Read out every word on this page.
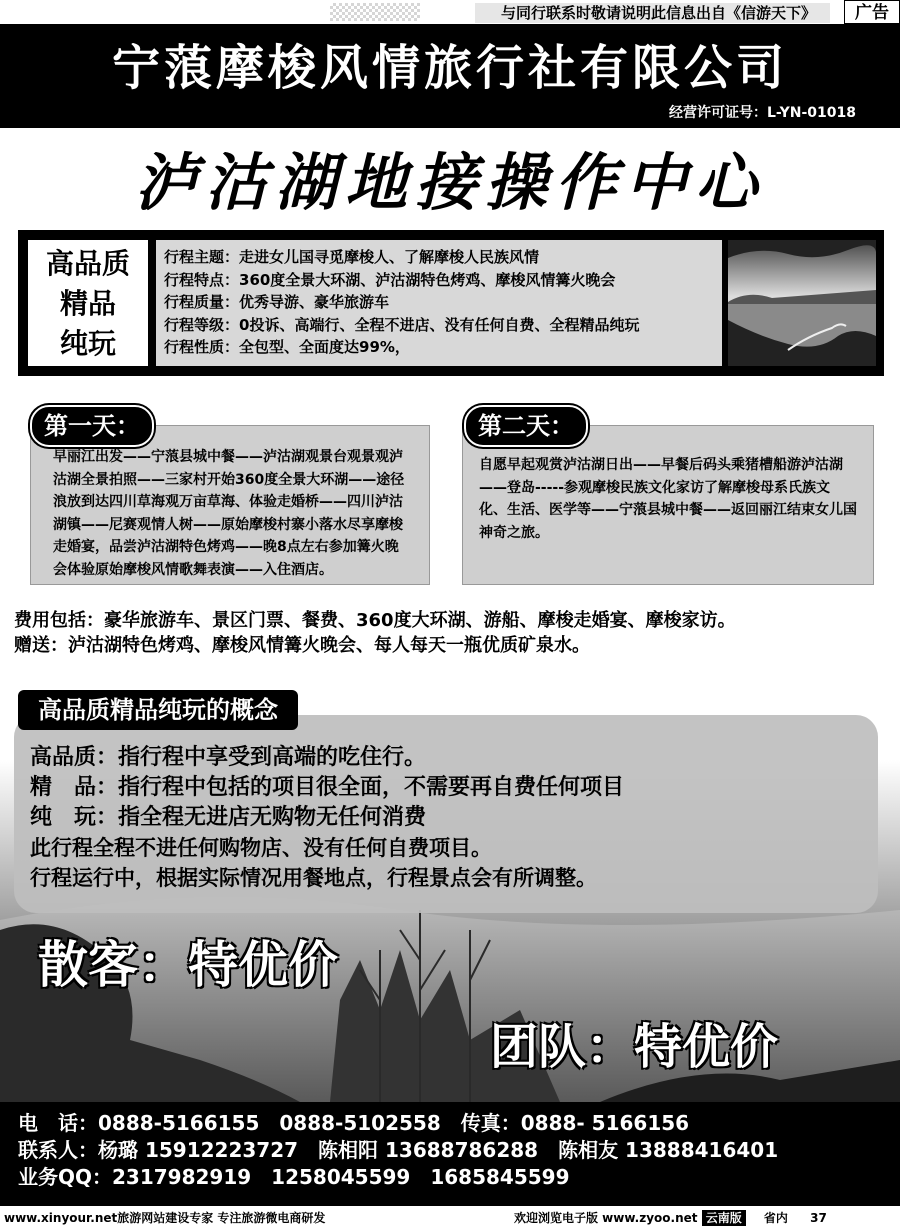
与同行联系时敬请说明此信息出自《信游天下》	广告
宁蒗摩梭风情旅行社有限公司
经营许可证号：L-YN-01018
泸沽湖地接操作中心
高品质
精品
纯玩
行程主题：走进女儿国寻觅摩梭人、了解摩梭人民族风情
行程特点：360度全景大环湖、泸沽湖特色烤鸡、摩梭风情篝火晚会
行程质量：优秀导游、豪华旅游车
行程等级：0投诉、高端行、全程不进店、没有任何自费、全程精品纯玩
行程性质：全包型、全面度达99%，
早丽江出发——宁蒗县城中餐——泸沽湖观景台观景观泸沽湖全景拍照——三家村开始360度全景大环湖——途径浪放到达四川草海观万亩草海、体验走婚桥——四川泸沽湖镇——尼赛观情人树——原始摩梭村寨小落水尽享摩梭走婚宴，品尝泸沽湖特色烤鸡——晚8点左右参加篝火晚会体验原始摩梭风情歌舞表演——入住酒店。
第一天：
自愿早起观赏泸沽湖日出——早餐后码头乘猪槽船游泸沽湖——登岛-----参观摩梭民族文化家访了解摩梭母系氏族文化、生活、医学等——宁蒗县城中餐——返回丽江结束女儿国神奇之旅。
第二天：
费用包括：豪华旅游车、景区门票、餐费、360度大环湖、游船、摩梭走婚宴、摩梭家访。
赠送：泸沽湖特色烤鸡、摩梭风情篝火晚会、每人每天一瓶优质矿泉水。
高品质：指行程中享受到高端的吃住行。
精　品：指行程中包括的项目很全面，不需要再自费任何项目
纯　玩：指全程无进店无购物无任何消费
此行程全程不进任何购物店、没有任何自费项目。
行程运行中，根据实际情况用餐地点，行程景点会有所调整。
高品质精品纯玩的概念
散客：特优价
团队：特优价
电　话：0888-5166155　0888-5102558　传真：0888- 5166156
联系人：杨璐 15912223727　陈相阳 13688786288　陈相友 13888416401
业务QQ：2317982919　1258045599　1685845599
www.xinyour.net旅游网站建设专家 专注旅游微电商研发	欢迎浏览电子版 www.zyoo.net 云南版 省内 37
